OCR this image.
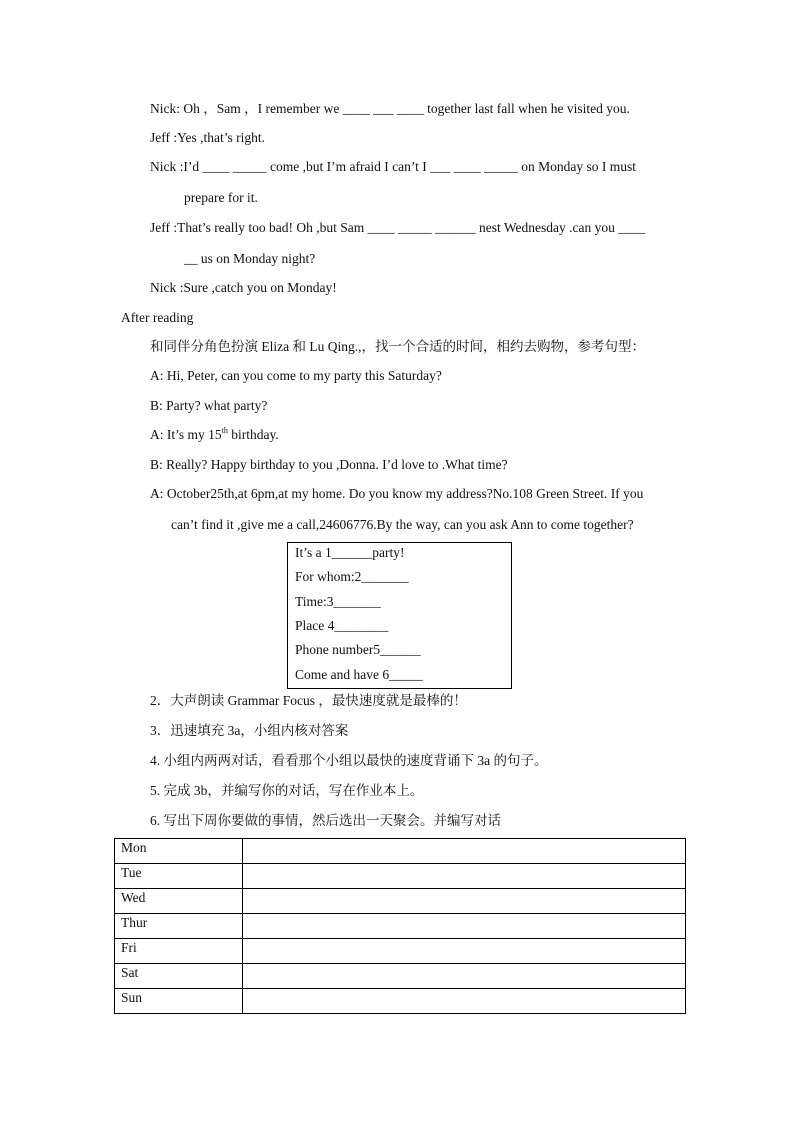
Nick: Oh ，Sam ，I remember we ____ ___ ____ together last fall when he visited you.
Jeff :Yes ,that’s right.
Nick :I’d ____ _____ come ,but I’m afraid I can’t I ___ ____ _____ on Monday so I must
prepare for it.
Jeff :That’s really too bad! Oh ,but Sam ____ _____ ______ nest Wednesday .can you ____
__ us on Monday night?
Nick :Sure ,catch you on Monday!
After reading
和同伴分角色扮演 Eliza 和 Lu Qing.,，找一个合适的时间，相约去购物，参考句型：
A: Hi, Peter, can you come to my party this Saturday?
B: Party? what party?
A: It’s my 15th birthday.
B: Really? Happy birthday to you ,Donna. I’d love to .What time?
A: October25th,at 6pm,at my home. Do you know my address?No.108 Green Street. If you
can’t find it ,give me a call,24606776.By the way, can you ask Ann to come together?
It’s a 1______party!
For whom:2_______
Time:3_______
Place 4________
Phone number5______
Come and have 6_____
2．大声朗读 Grammar Focus ，最快速度就是最棒的！
3．迅速填充 3a，小组内核对答案
4. 小组内两两对话，看看那个小组以最快的速度背诵下 3a 的句子。
5. 完成 3b，并编写你的对话，写在作业本上。
6. 写出下周你要做的事情，然后选出一天聚会。并编写对话
Mon	
Tue	
Wed	
Thur	
Fri	
Sat	
Sun	
